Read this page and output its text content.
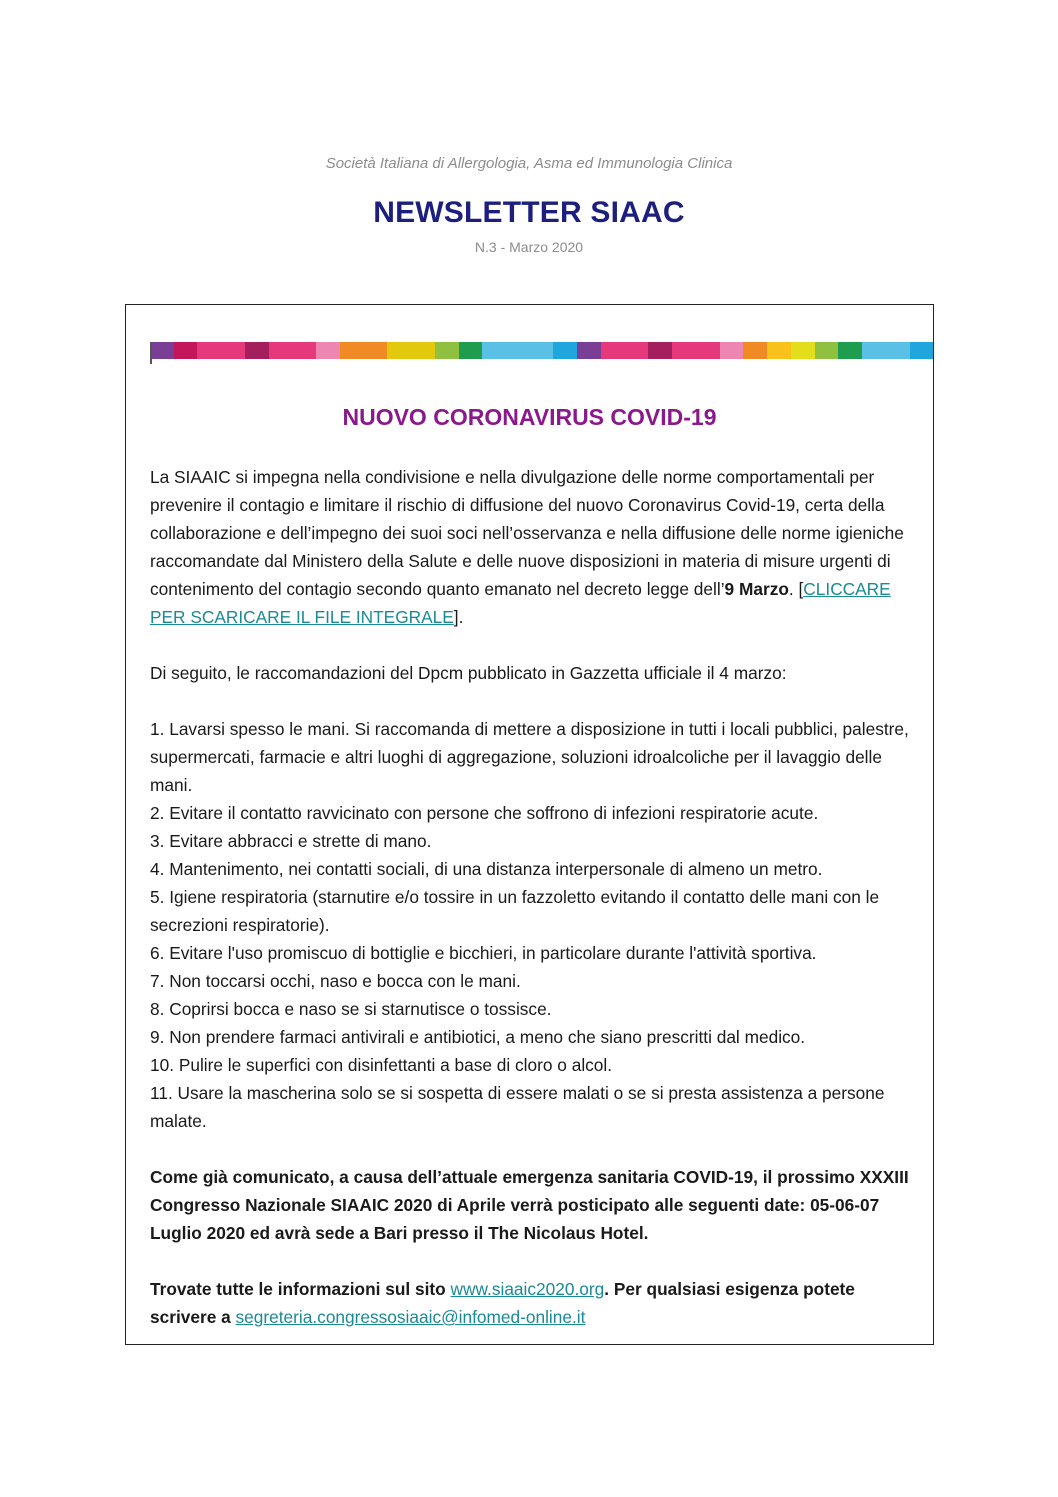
Società Italiana di Allergologia, Asma ed Immunologia Clinica
NEWSLETTER SIAAC
N.3 - Marzo 2020
NUOVO CORONAVIRUS COVID-19

La SIAAIC si impegna nella condivisione e nella divulgazione delle norme comportamentali per prevenire il contagio e limitare il rischio di diffusione del nuovo Coronavirus Covid-19, certa della collaborazione e dell’impegno dei suoi soci nell’osservanza e nella diffusione delle norme igieniche raccomandate dal Ministero della Salute e delle nuove disposizioni in materia di misure urgenti di contenimento del contagio secondo quanto emanato nel decreto legge dell’9 Marzo. [CLICCARE PER SCARICARE IL FILE INTEGRALE].

Di seguito, le raccomandazioni del Dpcm pubblicato in Gazzetta ufficiale il 4 marzo:

1. Lavarsi spesso le mani. Si raccomanda di mettere a disposizione in tutti i locali pubblici, palestre, supermercati, farmacie e altri luoghi di aggregazione, soluzioni idroalcoliche per il lavaggio delle mani.

2. Evitare il contatto ravvicinato con persone che soffrono di infezioni respiratorie acute.

3. Evitare abbracci e strette di mano.

4. Mantenimento, nei contatti sociali, di una distanza interpersonale di almeno un metro.

5. Igiene respiratoria (starnutire e/o tossire in un fazzoletto evitando il contatto delle mani con le secrezioni respiratorie).

6. Evitare l'uso promiscuo di bottiglie e bicchieri, in particolare durante l'attività sportiva.

7. Non toccarsi occhi, naso e bocca con le mani.

8. Coprirsi bocca e naso se si starnutisce o tossisce.

9. Non prendere farmaci antivirali e antibiotici, a meno che siano prescritti dal medico.

10. Pulire le superfici con disinfettanti a base di cloro o alcol.

11. Usare la mascherina solo se si sospetta di essere malati o se si presta assistenza a persone malate.

Come già comunicato, a causa dell’attuale emergenza sanitaria COVID-19, il prossimo XXXIII Congresso Nazionale SIAAIC 2020 di Aprile verrà posticipato alle seguenti date: 05-06-07 Luglio 2020 ed avrà sede a Bari presso il The Nicolaus Hotel.

Trovate tutte le informazioni sul sito www.siaaic2020.org. Per qualsiasi esigenza potete scrivere a segreteria.congressosiaaic@infomed-online.it
